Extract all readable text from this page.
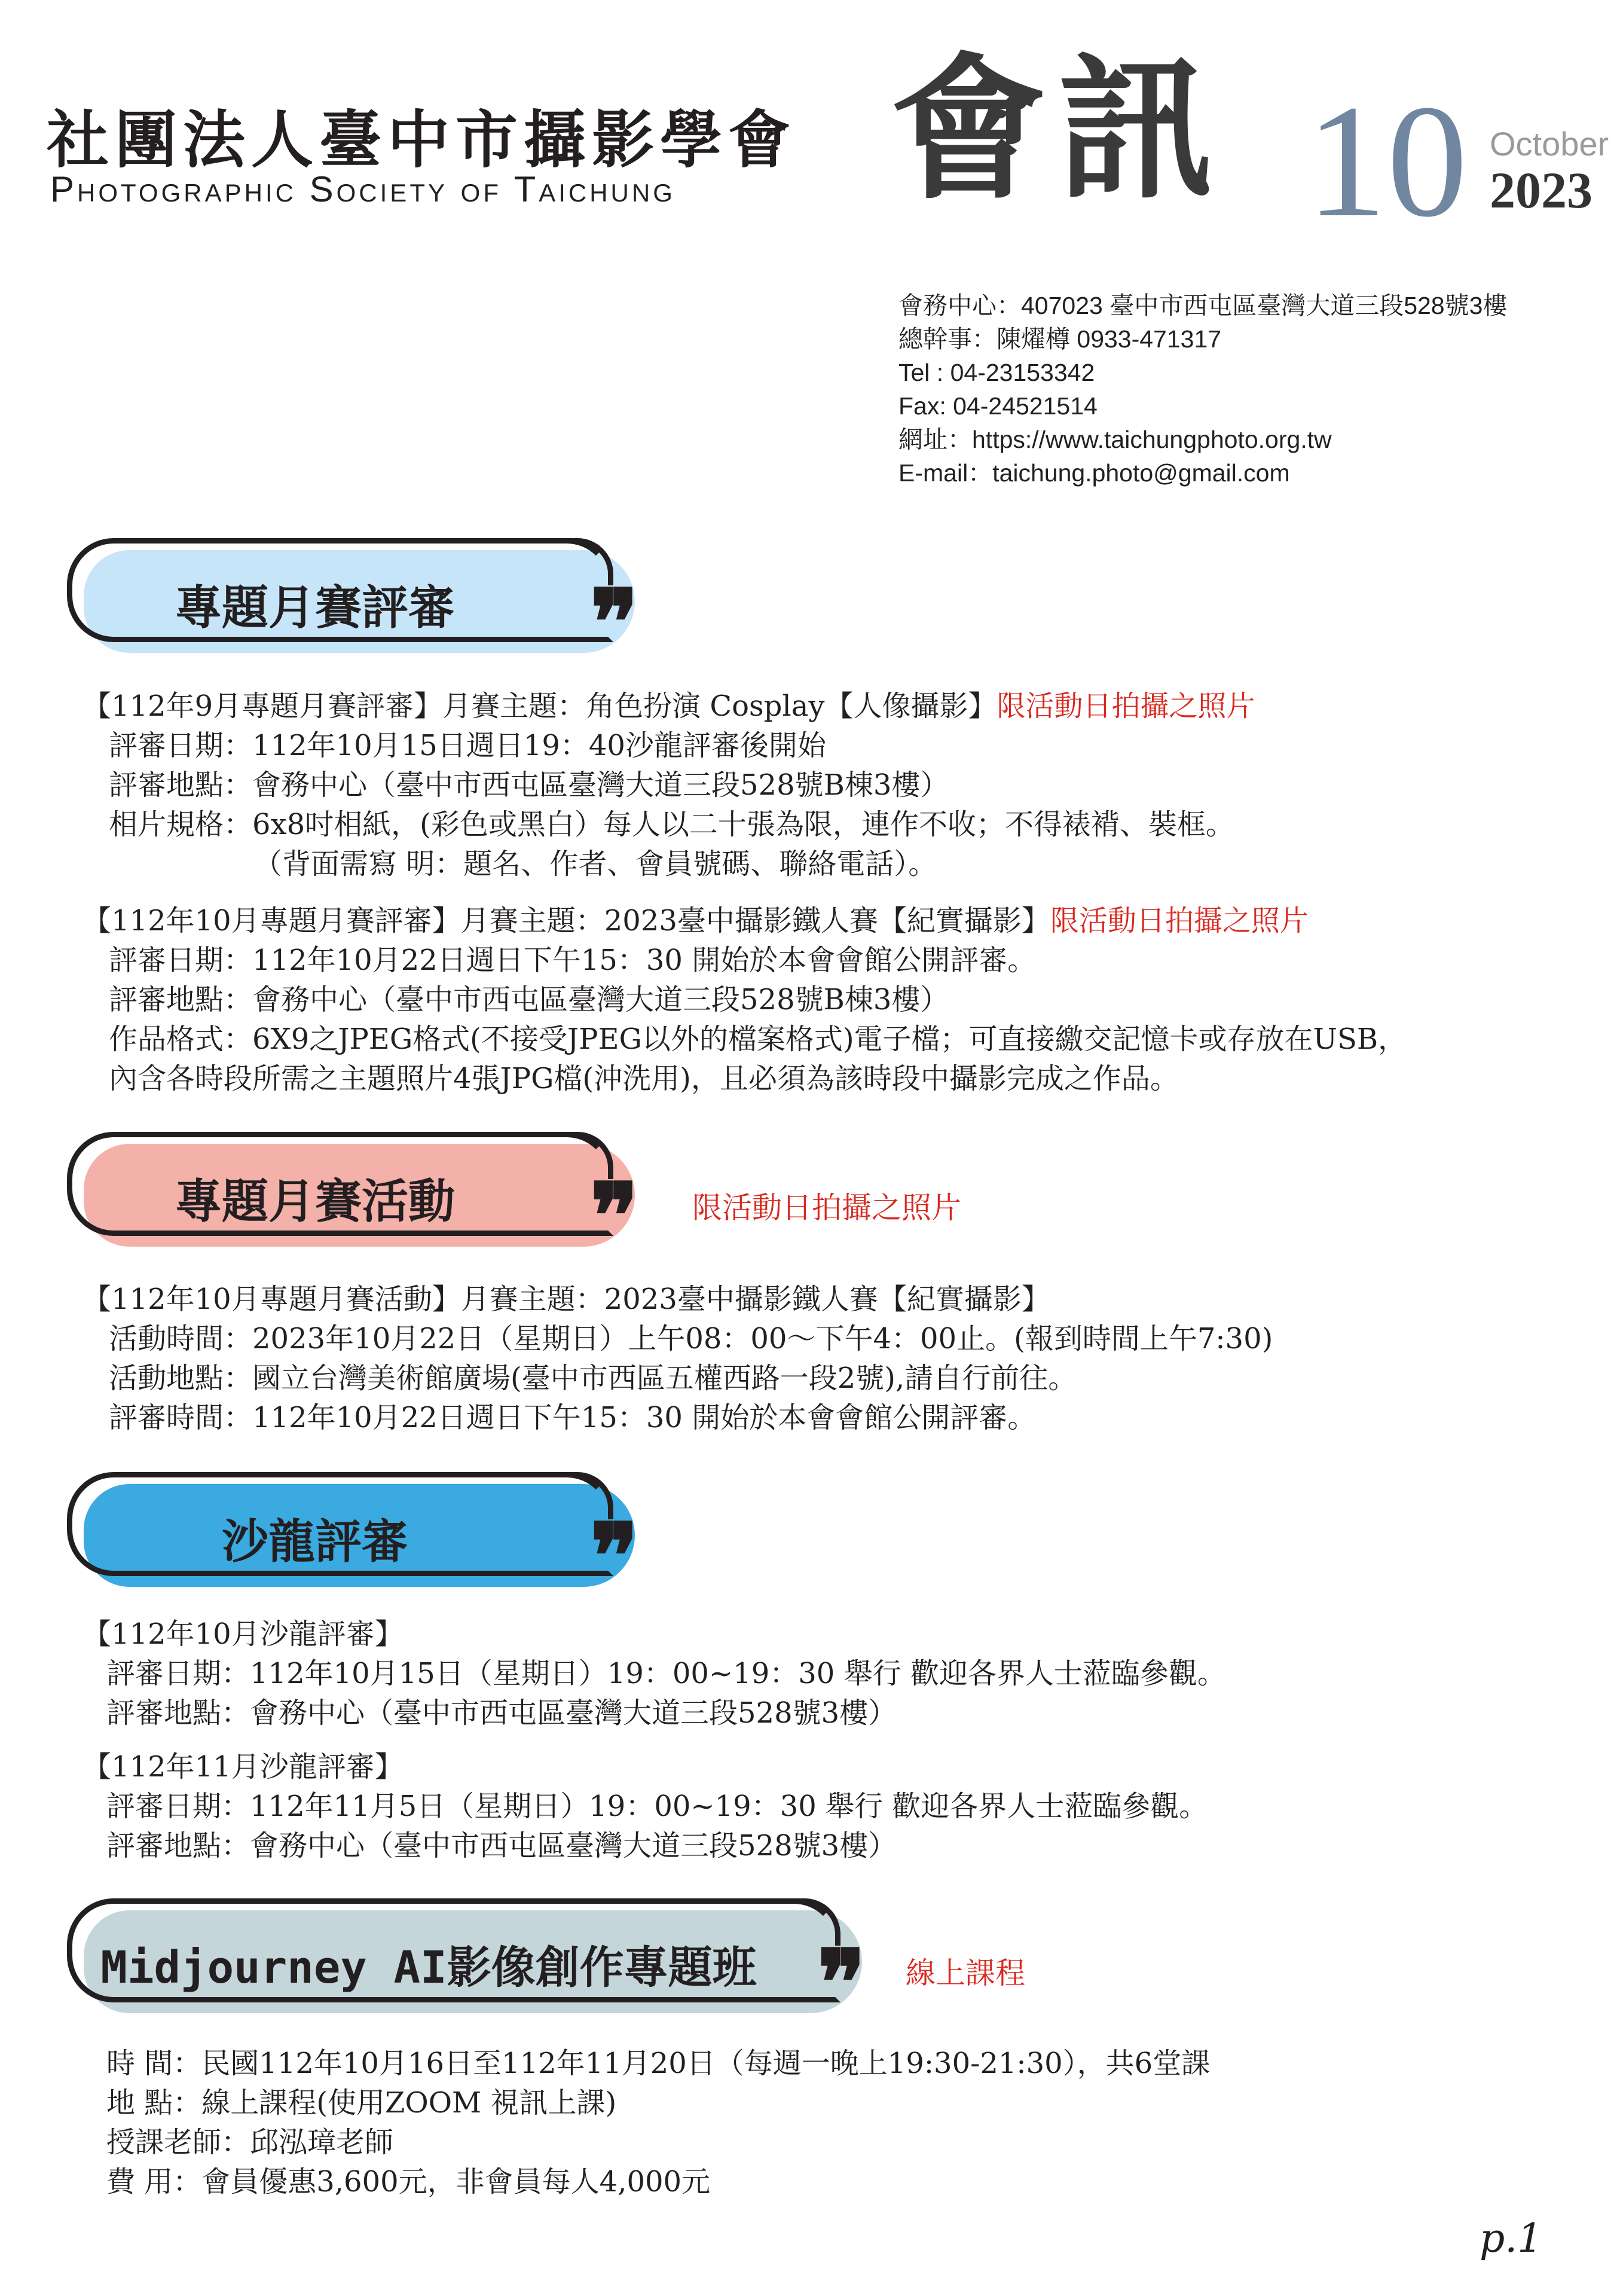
社團法人臺中市攝影學會
Photographic Society of Taichung 會訊 10 October
2023
會務中心：407023 臺中市西屯區臺灣大道三段528號3樓
總幹事：陳燿樽 0933-471317
Tel : 04-23153342
Fax: 04-24521514
網址：https://www.taichungphoto.org.tw
E-mail：taichung.photo@gmail.com
專題月賽評審	❞
【112年9月專題月賽評審】月賽主題：角色扮演 Cosplay【人像攝影】限活動日拍攝之照片
評審日期：112年10月15日週日19：40沙龍評審後開始
評審地點：會務中心（臺中市西屯區臺灣大道三段528號B棟3樓）
相片規格：6x8吋相紙，(彩色或黑白）每人以二十張為限，連作不收；不得裱褙、裝框。
（背面需寫 明：題名、作者、會員號碼、聯絡電話）。
【112年10月專題月賽評審】月賽主題：2023臺中攝影鐵人賽【紀實攝影】限活動日拍攝之照片
評審日期：112年10月22日週日下午15：30 開始於本會會館公開評審。
評審地點：會務中心（臺中市西屯區臺灣大道三段528號B棟3樓）
作品格式：6X9之JPEG格式(不接受JPEG以外的檔案格式)電子檔；可直接繳交記憶卡或存放在USB，
內含各時段所需之主題照片4張JPG檔(沖洗用)，且必須為該時段中攝影完成之作品。
專題月賽活動	❞ 限活動日拍攝之照片
【112年10月專題月賽活動】月賽主題：2023臺中攝影鐵人賽【紀實攝影】
活動時間：2023年10月22日（星期日）上午08：00～下午4：00止。(報到時間上午7:30)
活動地點：國立台灣美術館廣場(臺中市西區五權西路一段2號),請自行前往。
評審時間：112年10月22日週日下午15：30 開始於本會會館公開評審。
沙龍評審	❞
【112年10月沙龍評審】
評審日期：112年10月15日（星期日）19：00~19：30 舉行 歡迎各界人士蒞臨參觀。
評審地點：會務中心（臺中市西屯區臺灣大道三段528號3樓）
【112年11月沙龍評審】
評審日期：112年11月5日（星期日）19：00~19：30 舉行 歡迎各界人士蒞臨參觀。
評審地點：會務中心（臺中市西屯區臺灣大道三段528號3樓）
Midjourney AI影像創作專題班 ❞ 線上課程
時 間：民國112年10月16日至112年11月20日（每週一晚上19:30-21:30），共6堂課
地 點：線上課程(使用ZOOM 視訊上課)
授課老師：邱泓璋老師
費 用：會員優惠3,600元，非會員每人4,000元
p.1
